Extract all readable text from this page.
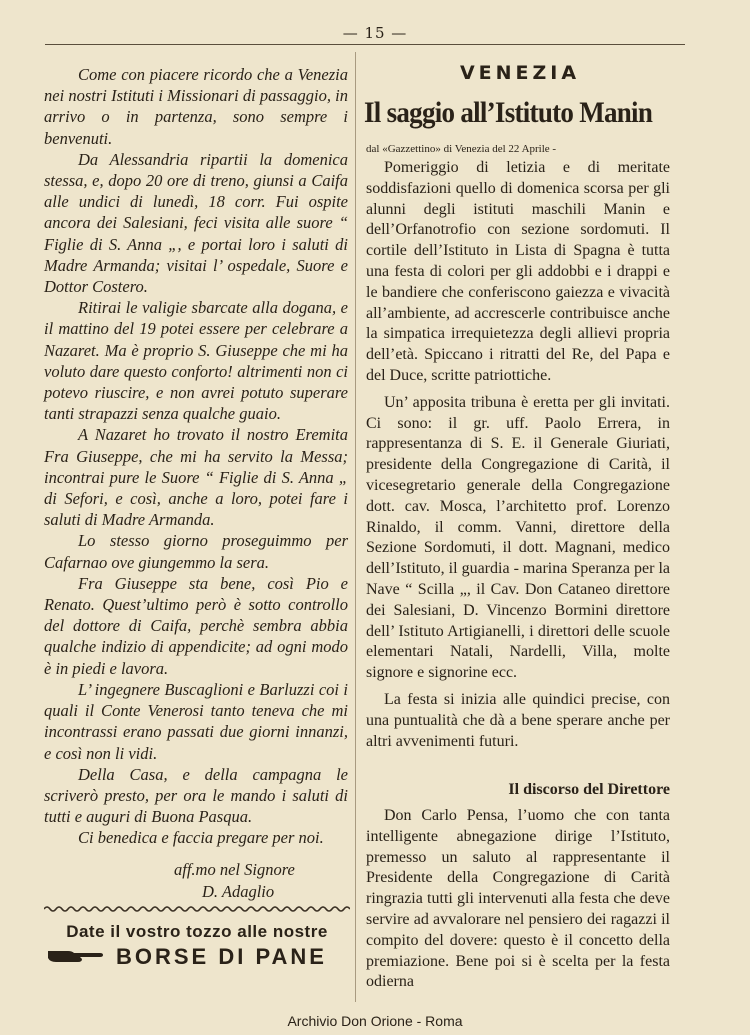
— 15 —

Come con piacere ricordo che a Venezia nei nostri Istituti i Missionari di passaggio, in arrivo o in partenza, sono sempre i benvenuti.

Da Alessandria ripartii la domenica stessa, e, dopo 20 ore di treno, giunsi a Caifa alle undici di lunedì, 18 corr. Fui ospite ancora dei Salesiani, feci visita alle suore “ Figlie di S. Anna „, e portai loro i saluti di Madre Armanda; visitai l’ ospedale, Suore e Dottor Costero.

Ritirai le valigie sbarcate alla dogana, e il mattino del 19 potei essere per celebrare a Nazaret. Ma è proprio S. Giuseppe che mi ha voluto dare questo conforto! altrimenti non ci potevo riuscire, e non avrei potuto superare tanti strapazzi senza qualche guaio.

A Nazaret ho trovato il nostro Eremita Fra Giuseppe, che mi ha servito la Messa; incontrai pure le Suore “ Figlie di S. Anna „ di Sefori, e così, anche a loro, potei fare i saluti di Madre Armanda.

Lo stesso giorno proseguimmo per Cafarnao ove giungemmo la sera.

Fra Giuseppe sta bene, così Pio e Renato. Quest’ultimo però è sotto controllo del dottore di Caifa, perchè sembra abbia qualche indizio di appendicite; ad ogni modo è in piedi e lavora.

L’ ingegnere Buscaglioni e Barluzzi coi i quali il Conte Venerosi tanto teneva che mi incontrassi erano passati due giorni innanzi, e così non li vidi.

Della Casa, e della campagna le scriverò presto, per ora le mando i saluti di tutti e auguri di Buona Pasqua.

Ci benedica e faccia pregare per noi.

aff.mo nel Signore
D. Adaglio
Date il vostro tozzo alle nostre
BORSE DI PANE
VENEZIA
Il saggio all’Istituto Manin
dal «Gazzettino» di Venezia del 22 Aprile -

Pomeriggio di letizia e di meritate soddisfazioni quello di domenica scorsa per gli alunni degli istituti maschili Manin e dell’Orfanotrofio con sezione sordomuti. Il cortile dell’Istituto in Lista di Spagna è tutta una festa di colori per gli addobbi e i drappi e le bandiere che conferiscono gaiezza e vivacità all’ambiente, ad accrescerle contribuisce anche la simpatica irrequietezza degli allievi propria dell’età. Spiccano i ritratti del Re, del Papa e del Duce, scritte patriottiche.

Un’ apposita tribuna è eretta per gli invitati. Ci sono: il gr. uff. Paolo Errera, in rappresentanza di S. E. il Generale Giuriati, presidente della Congregazione di Carità, il vicesegretario generale della Congregazione dott. cav. Mosca, l’architetto prof. Lorenzo Rinaldo, il comm. Vanni, direttore della Sezione Sordomuti, il dott. Magnani, medico dell’Istituto, il guardia - marina Speranza per la Nave “ Scilla „, il Cav. Don Cataneo direttore dei Salesiani, D. Vincenzo Bormini direttore dell’ Istituto Artigianelli, i direttori delle scuole elementari Natali, Nardelli, Villa, molte signore e signorine ecc.

La festa si inizia alle quindici precise, con una puntualità che dà a bene sperare anche per altri avvenimenti futuri.

Il discorso del Direttore

Don Carlo Pensa, l’uomo che con tanta intelligente abnegazione dirige l’Istituto, premesso un saluto al rappresentante il Presidente della Congregazione di Carità ringrazia tutti gli intervenuti alla festa che deve servire ad avvalorare nel pensiero dei ragazzi il compito del dovere: questo è il concetto della premiazione. Bene poi si è scelta per la festa odierna

Archivio Don Orione - Roma
